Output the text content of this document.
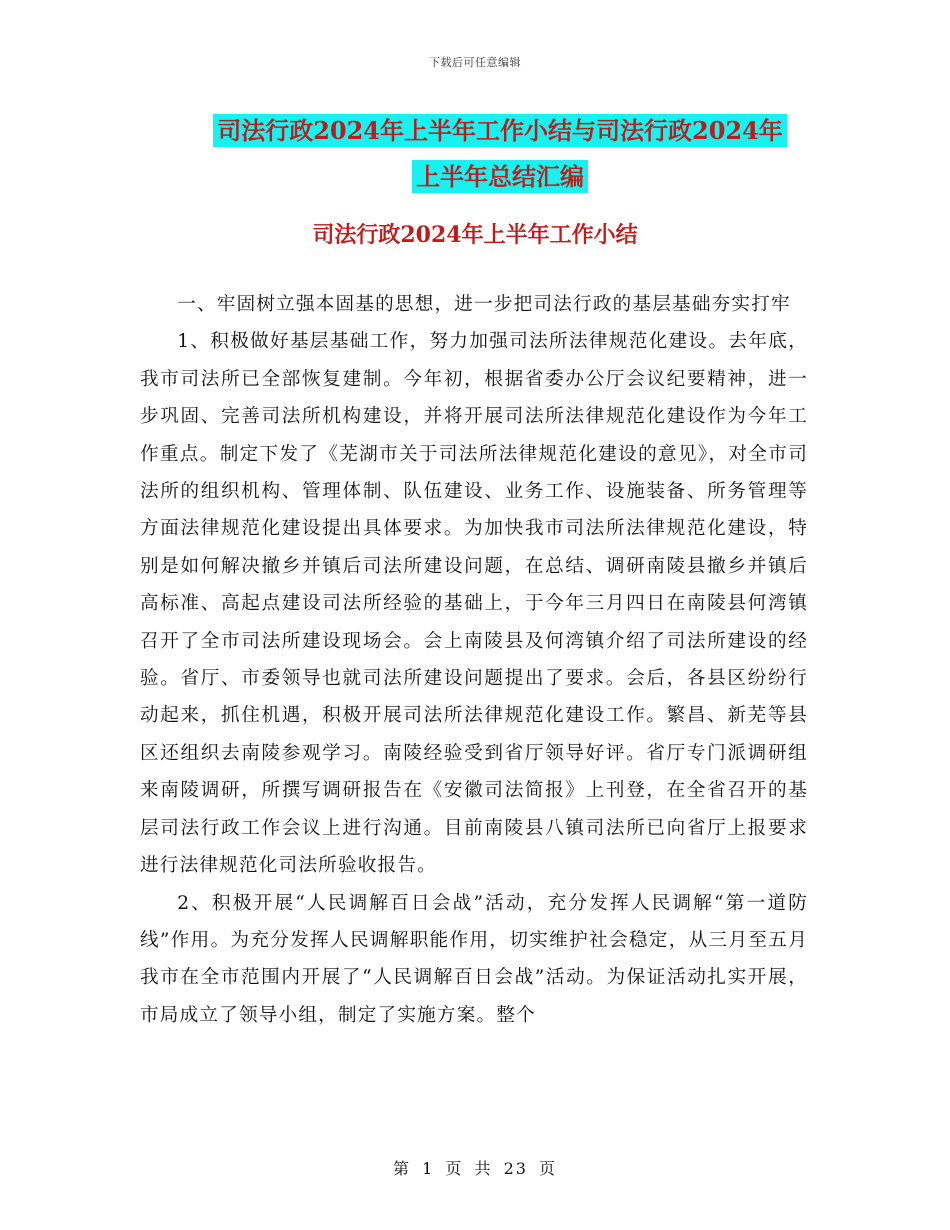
下载后可任意编辑
司法行政2024年上半年工作小结与司法行政2024年
上半年总结汇编
司法行政2024年上半年工作小结

一、牢固树立强本固基的思想，进一步把司法行政的基层基础夯实打牢

1、积极做好基层基础工作，努力加强司法所法律规范化建设。去年底，我市司法所已全部恢复建制。今年初，根据省委办公厅会议纪要精神，进一步巩固、完善司法所机构建设，并将开展司法所法律规范化建设作为今年工作重点。制定下发了《芜湖市关于司法所法律规范化建设的意见》，对全市司法所的组织机构、管理体制、队伍建设、业务工作、设施装备、所务管理等方面法律规范化建设提出具体要求。为加快我市司法所法律规范化建设，特别是如何解决撤乡并镇后司法所建设问题，在总结、调研南陵县撤乡并镇后高标准、高起点建设司法所经验的基础上，于今年三月四日在南陵县何湾镇召开了全市司法所建设现场会。会上南陵县及何湾镇介绍了司法所建设的经验。省厅、市委领导也就司法所建设问题提出了要求。会后，各县区纷纷行动起来，抓住机遇，积极开展司法所法律规范化建设工作。繁昌、新芜等县区还组织去南陵参观学习。南陵经验受到省厅领导好评。省厅专门派调研组来南陵调研，所撰写调研报告在《安徽司法简报》上刊登，在全省召开的基层司法行政工作会议上进行沟通。目前南陵县八镇司法所已向省厅上报要求进行法律规范化司法所验收报告。

2、积极开展“人民调解百日会战”活动，充分发挥人民调解“第一道防线”作用。为充分发挥人民调解职能作用，切实维护社会稳定，从三月至五月我市在全市范围内开展了“人民调解百日会战”活动。为保证活动扎实开展，市局成立了领导小组，制定了实施方案。整个

第 1 页 共 23 页
